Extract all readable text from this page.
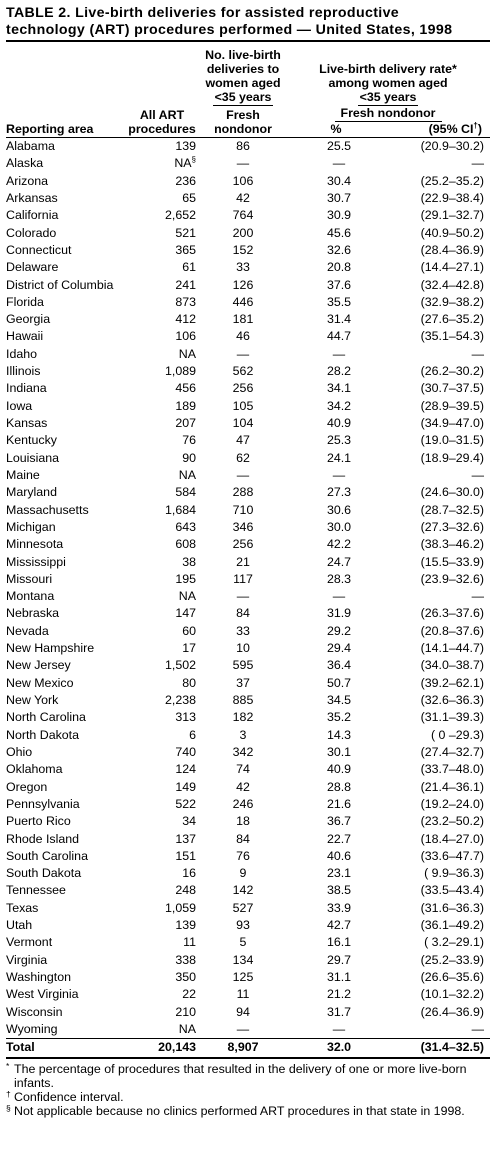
TABLE 2. Live-birth deliveries for assisted reproductive
technology (ART) procedures performed — United States, 1998
		No. live-birth
deliveries to
women aged
<35 years	Live-birth delivery rate*
among women aged
<35 years	
	All ART	Fresh	Fresh nondonor	
Reporting area	procedures	nondonor	%	(95% CI†)
Alabama	139	86	25.5	(20.9–30.2)
Alaska	NA§	—	—	—
Arizona	236	106	30.4	(25.2–35.2)
Arkansas	65	42	30.7	(22.9–38.4)
California	2,652	764	30.9	(29.1–32.7)
Colorado	521	200	45.6	(40.9–50.2)
Connecticut	365	152	32.6	(28.4–36.9)
Delaware	61	33	20.8	(14.4–27.1)
District of Columbia	241	126	37.6	(32.4–42.8)
Florida	873	446	35.5	(32.9–38.2)
Georgia	412	181	31.4	(27.6–35.2)
Hawaii	106	46	44.7	(35.1–54.3)
Idaho	NA	—	—	—
Illinois	1,089	562	28.2	(26.2–30.2)
Indiana	456	256	34.1	(30.7–37.5)
Iowa	189	105	34.2	(28.9–39.5)
Kansas	207	104	40.9	(34.9–47.0)
Kentucky	76	47	25.3	(19.0–31.5)
Louisiana	90	62	24.1	(18.9–29.4)
Maine	NA	—	—	—
Maryland	584	288	27.3	(24.6–30.0)
Massachusetts	1,684	710	30.6	(28.7–32.5)
Michigan	643	346	30.0	(27.3–32.6)
Minnesota	608	256	42.2	(38.3–46.2)
Mississippi	38	21	24.7	(15.5–33.9)
Missouri	195	117	28.3	(23.9–32.6)
Montana	NA	—	—	—
Nebraska	147	84	31.9	(26.3–37.6)
Nevada	60	33	29.2	(20.8–37.6)
New Hampshire	17	10	29.4	(14.1–44.7)
New Jersey	1,502	595	36.4	(34.0–38.7)
New Mexico	80	37	50.7	(39.2–62.1)
New York	2,238	885	34.5	(32.6–36.3)
North Carolina	313	182	35.2	(31.1–39.3)
North Dakota	6	3	14.3	( 0 –29.3)
Ohio	740	342	30.1	(27.4–32.7)
Oklahoma	124	74	40.9	(33.7–48.0)
Oregon	149	42	28.8	(21.4–36.1)
Pennsylvania	522	246	21.6	(19.2–24.0)
Puerto Rico	34	18	36.7	(23.2–50.2)
Rhode Island	137	84	22.7	(18.4–27.0)
South Carolina	151	76	40.6	(33.6–47.7)
South Dakota	16	9	23.1	( 9.9–36.3)
Tennessee	248	142	38.5	(33.5–43.4)
Texas	1,059	527	33.9	(31.6–36.3)
Utah	139	93	42.7	(36.1–49.2)
Vermont	11	5	16.1	( 3.2–29.1)
Virginia	338	134	29.7	(25.2–33.9)
Washington	350	125	31.1	(26.6–35.6)
West Virginia	22	11	21.2	(10.1–32.2)
Wisconsin	210	94	31.7	(26.4–36.9)
Wyoming	NA	—	—	—
Total	20,143	8,907	32.0	(31.4–32.5)
* The percentage of procedures that resulted in the delivery of one or more live-born infants.
† Confidence interval.
§ Not applicable because no clinics performed ART procedures in that state in 1998.
